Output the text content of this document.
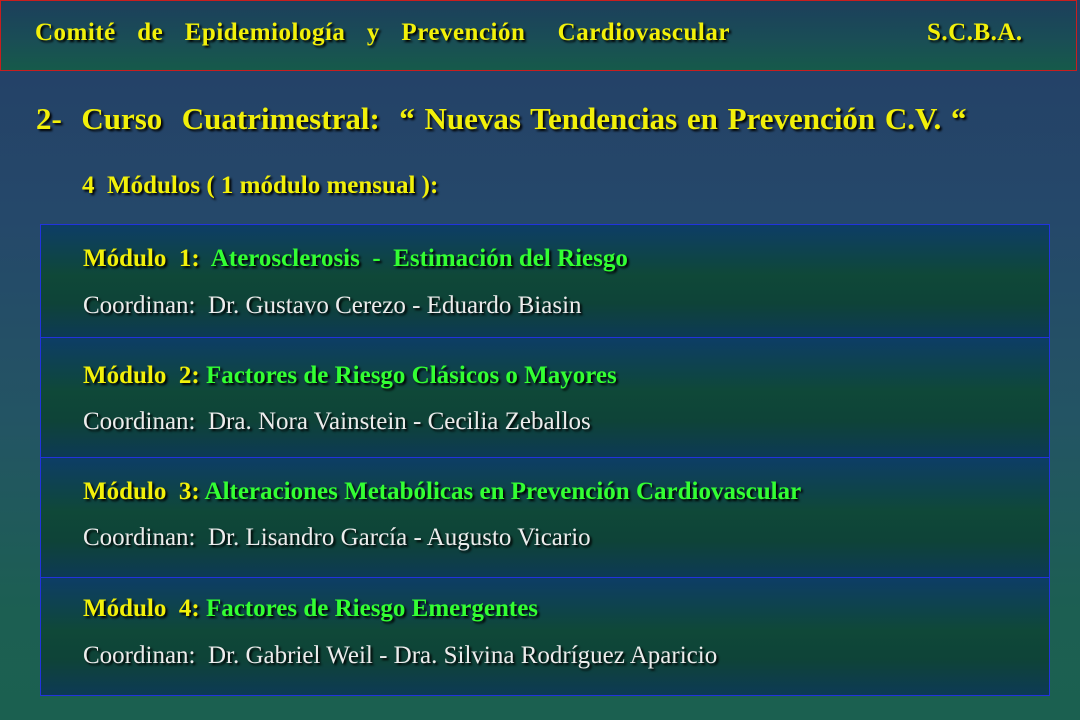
Comité  de  Epidemiología  y  Prevención   Cardiovascular	S.C.B.A.
2-  Curso  Cuatrimestral:  “ Nuevas Tendencias en Prevención C.V. “
4  Módulos ( 1 módulo mensual ):
Módulo  1:  Aterosclerosis  -  Estimación del Riesgo
Coordinan:  Dr. Gustavo Cerezo - Eduardo Biasin
Módulo  2: Factores de Riesgo Clásicos o Mayores
Coordinan:  Dra. Nora Vainstein - Cecilia Zeballos
Módulo  3: Alteraciones Metabólicas en Prevención Cardiovascular
Coordinan:  Dr. Lisandro García - Augusto Vicario
Módulo  4: Factores de Riesgo Emergentes
Coordinan:  Dr. Gabriel Weil - Dra. Silvina Rodríguez Aparicio
